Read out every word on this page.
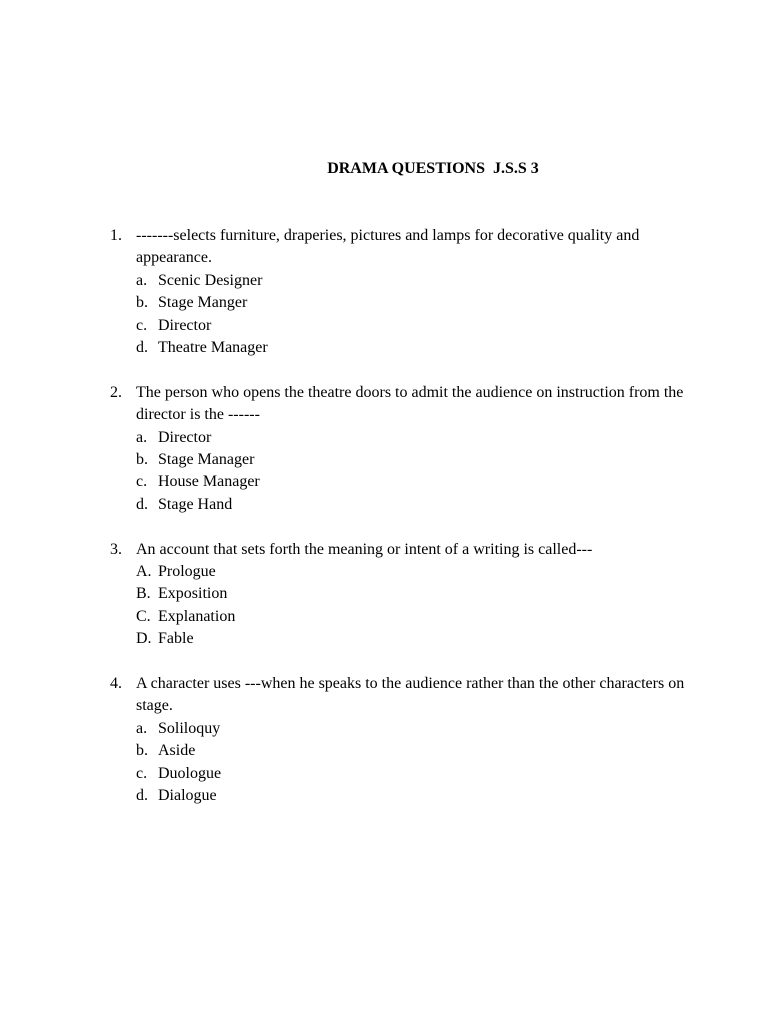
DRAMA QUESTIONS  J.S.S 3
1. -------selects furniture, draperies, pictures and lamps for decorative quality and appearance.
a. Scenic Designer
b. Stage Manger
c. Director
d. Theatre Manager
2. The person who opens the theatre doors to admit the audience on instruction from the director is the ------
a. Director
b. Stage Manager
c. House Manager
d. Stage Hand
3. An account that sets forth the meaning or intent of a writing is called---
A. Prologue
B. Exposition
C. Explanation
D. Fable
4. A character uses ---when he speaks to the audience rather than the other characters on stage.
a. Soliloquy
b. Aside
c. Duologue
d. Dialogue
